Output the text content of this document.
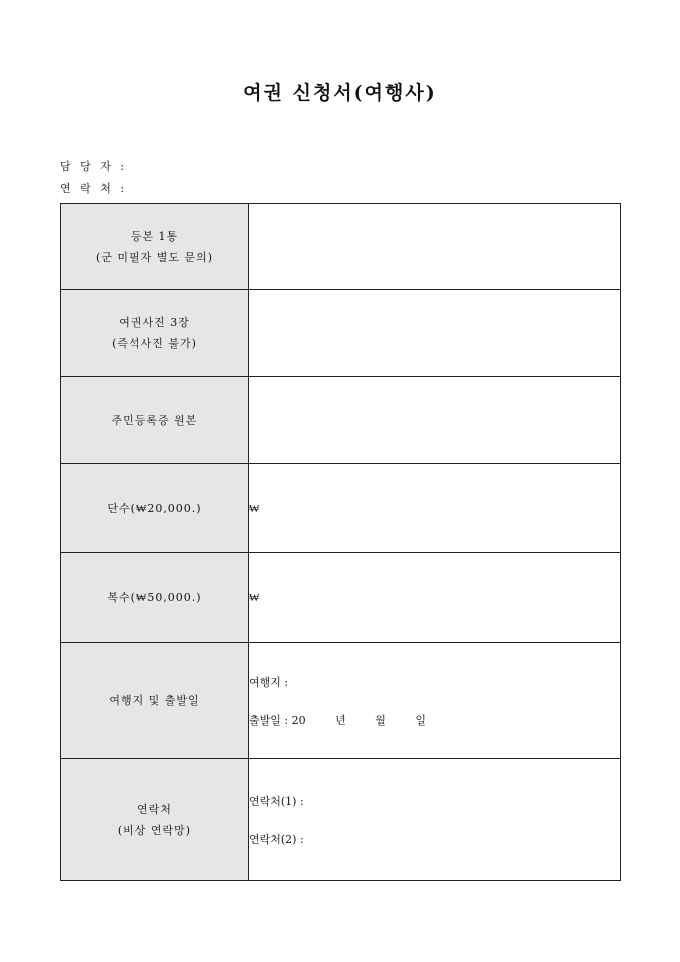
여권 신청서(여행사)
담 당 자 :
연 락 처 :
등본 1통
(군 미필자 별도 문의)	

여권사진 3장
(즉석사진 불가)	

주민등록증 원본	

단수(₩20,000.)	₩

복수(₩50,000.)	₩

여행지 및 출발일	여행지 :
출발일 : 20 년 월 일

연락처
(비상 연락망)	연락처(1) :
연락처(2) :
